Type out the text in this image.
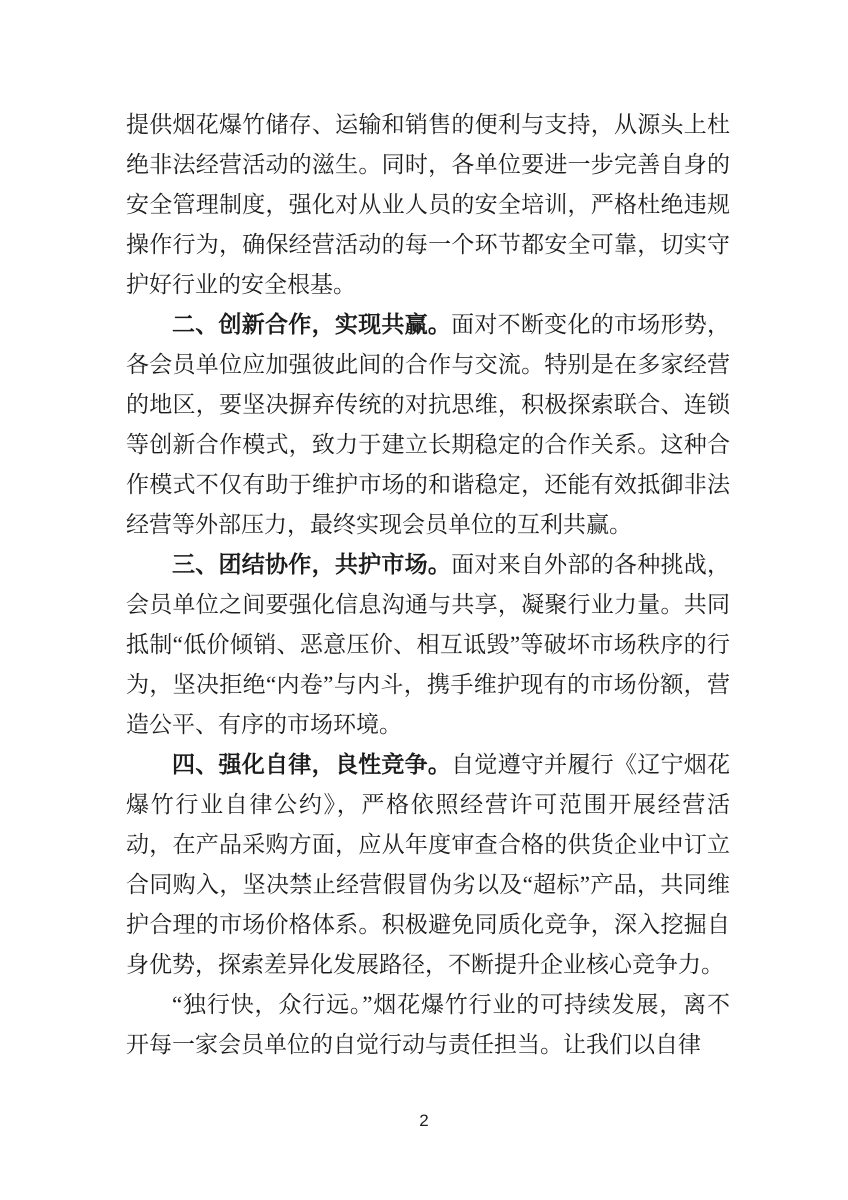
提供烟花爆竹储存、运输和销售的便利与支持，从源头上杜绝非法经营活动的滋生。同时，各单位要进一步完善自身的安全管理制度，强化对从业人员的安全培训，严格杜绝违规操作行为，确保经营活动的每一个环节都安全可靠，切实守护好行业的安全根基。

二、创新合作，实现共赢。面对不断变化的市场形势，各会员单位应加强彼此间的合作与交流。特别是在多家经营的地区，要坚决摒弃传统的对抗思维，积极探索联合、连锁等创新合作模式，致力于建立长期稳定的合作关系。这种合作模式不仅有助于维护市场的和谐稳定，还能有效抵御非法经营等外部压力，最终实现会员单位的互利共赢。

三、团结协作，共护市场。面对来自外部的各种挑战，会员单位之间要强化信息沟通与共享，凝聚行业力量。共同抵制“低价倾销、恶意压价、相互诋毁”等破坏市场秩序的行为，坚决拒绝“内卷”与内斗，携手维护现有的市场份额，营造公平、有序的市场环境。

四、强化自律，良性竞争。自觉遵守并履行《辽宁烟花爆竹行业自律公约》，严格依照经营许可范围开展经营活动，在产品采购方面，应从年度审查合格的供货企业中订立合同购入，坚决禁止经营假冒伪劣以及“超标”产品，共同维护合理的市场价格体系。积极避免同质化竞争，深入挖掘自身优势，探索差异化发展路径，不断提升企业核心竞争力。

“独行快，众行远。”烟花爆竹行业的可持续发展，离不开每一家会员单位的自觉行动与责任担当。让我们以自律

2
